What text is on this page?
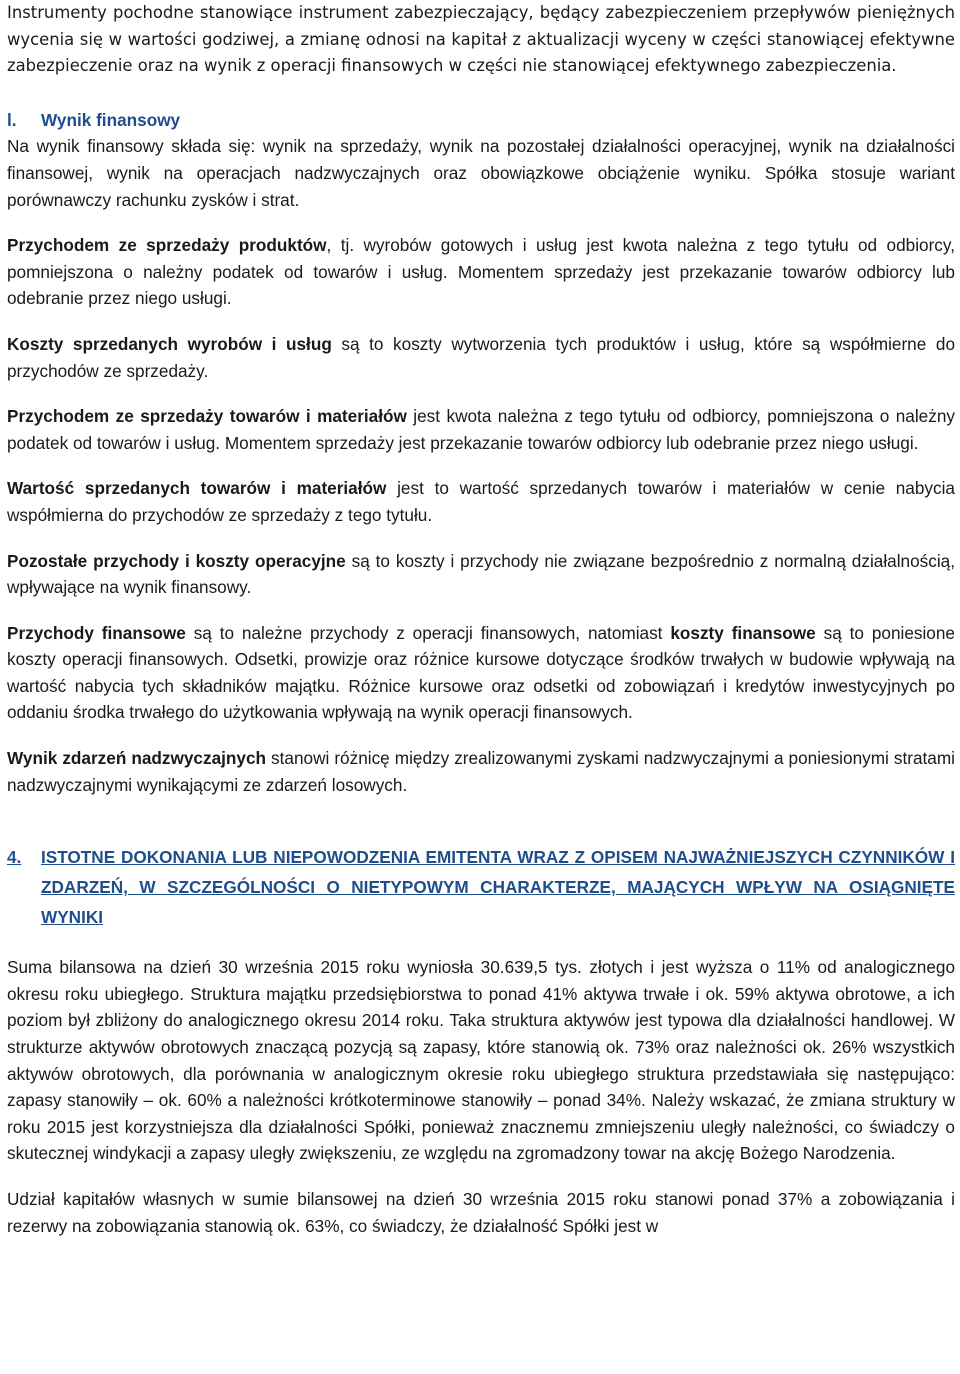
Instrumenty pochodne stanowiące instrument zabezpieczający, będący zabezpieczeniem przepływów pieniężnych wycenia się w wartości godziwej, a zmianę odnosi na kapitał z aktualizacji wyceny w części stanowiącej efektywne zabezpieczenie oraz na wynik z operacji finansowych w części nie stanowiącej efektywnego zabezpieczenia.

l. Wynik finansowy

Na wynik finansowy składa się: wynik na sprzedaży, wynik na pozostałej działalności operacyjnej, wynik na działalności finansowej, wynik na operacjach nadzwyczajnych oraz obowiązkowe obciążenie wyniku. Spółka stosuje wariant porównawczy rachunku zysków i strat.

Przychodem ze sprzedaży produktów, tj. wyrobów gotowych i usług jest kwota należna z tego tytułu od odbiorcy, pomniejszona o należny podatek od towarów i usług. Momentem sprzedaży jest przekazanie towarów odbiorcy lub odebranie przez niego usługi.

Koszty sprzedanych wyrobów i usług są to koszty wytworzenia tych produktów i usług, które są współmierne do przychodów ze sprzedaży.

Przychodem ze sprzedaży towarów i materiałów jest kwota należna z tego tytułu od odbiorcy, pomniejszona o należny podatek od towarów i usług. Momentem sprzedaży jest przekazanie towarów odbiorcy lub odebranie przez niego usługi.

Wartość sprzedanych towarów i materiałów jest to wartość sprzedanych towarów i materiałów w cenie nabycia współmierna do przychodów ze sprzedaży z tego tytułu.

Pozostałe przychody i koszty operacyjne są to koszty i przychody nie związane bezpośrednio z normalną działalnością, wpływające na wynik finansowy.

Przychody finansowe są to należne przychody z operacji finansowych, natomiast koszty finansowe są to poniesione koszty operacji finansowych. Odsetki, prowizje oraz różnice kursowe dotyczące środków trwałych w budowie wpływają na wartość nabycia tych składników majątku. Różnice kursowe oraz odsetki od zobowiązań i kredytów inwestycyjnych po oddaniu środka trwałego do użytkowania wpływają na wynik operacji finansowych.

Wynik zdarzeń nadzwyczajnych stanowi różnicę między zrealizowanymi zyskami nadzwyczajnymi a poniesionymi stratami nadzwyczajnymi wynikającymi ze zdarzeń losowych.

4.	ISTOTNE DOKONANIA LUB NIEPOWODZENIA EMITENTA WRAZ Z OPISEM NAJWAŻNIEJSZYCH CZYNNIKÓW I ZDARZEŃ, W SZCZEGÓLNOŚCI O NIETYPOWYM CHARAKTERZE, MAJĄCYCH WPŁYW NA OSIĄGNIĘTE WYNIKI

Suma bilansowa na dzień 30 września 2015 roku wyniosła 30.639,5 tys. złotych i jest wyższa o 11% od analogicznego okresu roku ubiegłego. Struktura majątku przedsiębiorstwa to ponad 41% aktywa trwałe i ok. 59% aktywa obrotowe, a ich poziom był zbliżony do analogicznego okresu 2014 roku. Taka struktura aktywów jest typowa dla działalności handlowej. W strukturze aktywów obrotowych znaczącą pozycją są zapasy, które stanowią ok. 73% oraz należności ok. 26% wszystkich aktywów obrotowych, dla porównania w analogicznym okresie roku ubiegłego struktura przedstawiała się następująco: zapasy stanowiły – ok. 60% a należności krótkoterminowe stanowiły – ponad 34%. Należy wskazać, że zmiana struktury w roku 2015 jest korzystniejsza dla działalności Spółki, ponieważ znacznemu zmniejszeniu uległy należności, co świadczy o skutecznej windykacji a zapasy uległy zwiększeniu, ze względu na zgromadzony towar na akcję Bożego Narodzenia.

Udział kapitałów własnych w sumie bilansowej na dzień 30 września 2015 roku stanowi ponad 37% a zobowiązania i rezerwy na zobowiązania stanowią ok. 63%, co świadczy, że działalność Spółki jest w
